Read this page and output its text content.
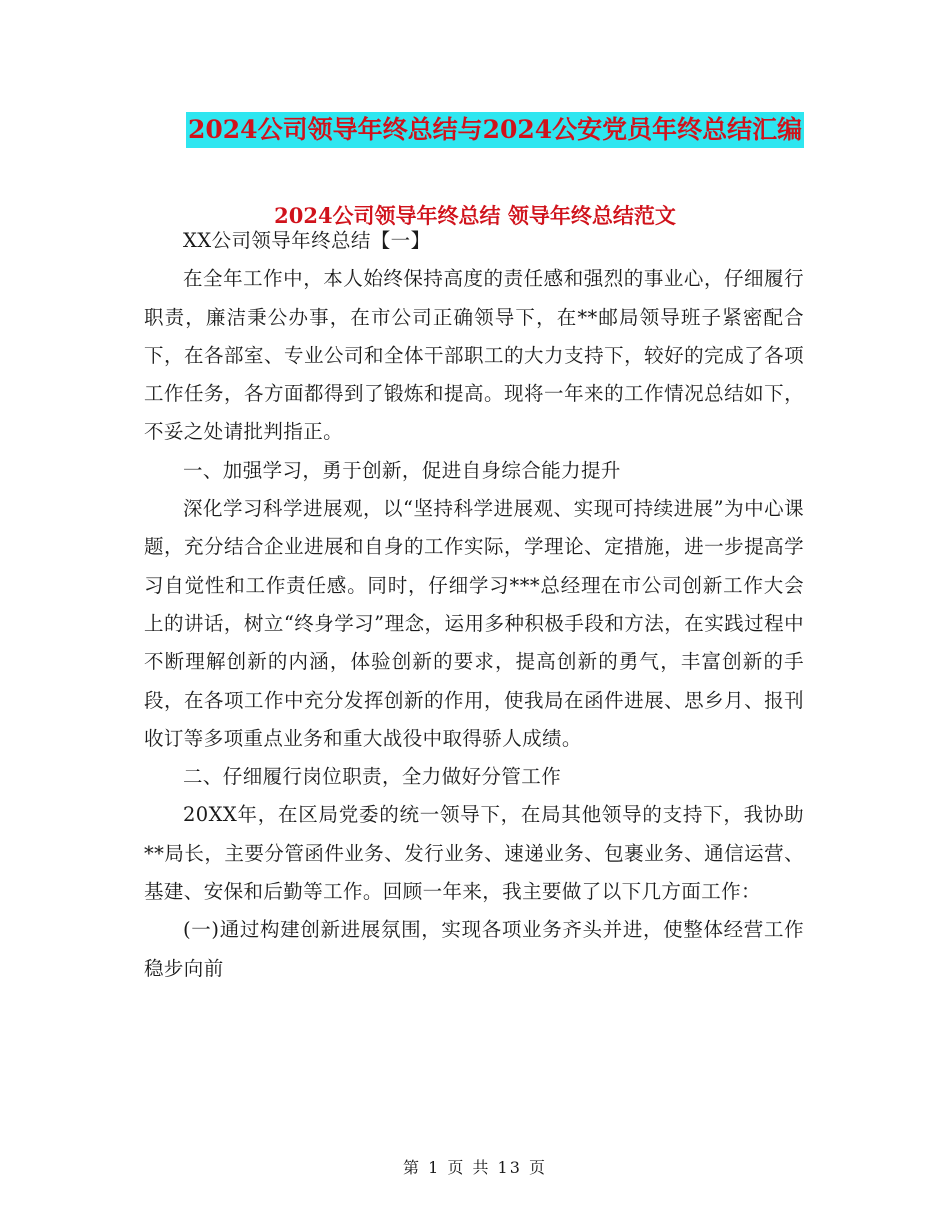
2024公司领导年终总结与2024公安党员年终总结汇编
2024公司领导年终总结 领导年终总结范文

XX公司领导年终总结【一】

在全年工作中，本人始终保持高度的责任感和强烈的事业心，仔细履行职责，廉洁秉公办事，在市公司正确领导下，在**邮局领导班子紧密配合下，在各部室、专业公司和全体干部职工的大力支持下，较好的完成了各项工作任务，各方面都得到了锻炼和提高。现将一年来的工作情况总结如下，不妥之处请批判指正。

一、加强学习，勇于创新，促进自身综合能力提升

深化学习科学进展观，以“坚持科学进展观、实现可持续进展”为中心课题，充分结合企业进展和自身的工作实际，学理论、定措施，进一步提高学习自觉性和工作责任感。同时，仔细学习***总经理在市公司创新工作大会上的讲话，树立“终身学习”理念，运用多种积极手段和方法，在实践过程中不断理解创新的内涵，体验创新的要求，提高创新的勇气，丰富创新的手段，在各项工作中充分发挥创新的作用，使我局在函件进展、思乡月、报刊收订等多项重点业务和重大战役中取得骄人成绩。

二、仔细履行岗位职责，全力做好分管工作

20XX年，在区局党委的统一领导下，在局其他领导的支持下，我协助**局长，主要分管函件业务、发行业务、速递业务、包裹业务、通信运营、基建、安保和后勤等工作。回顾一年来，我主要做了以下几方面工作：

(一)通过构建创新进展氛围，实现各项业务齐头并进，使整体经营工作稳步向前

第 1 页 共 13 页
